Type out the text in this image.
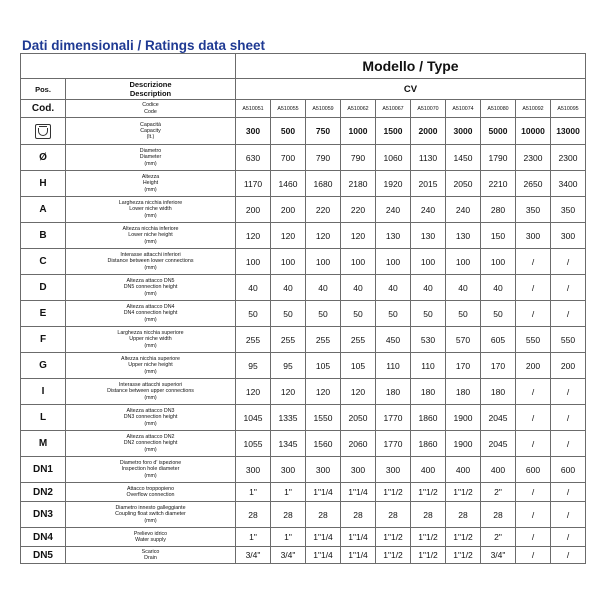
Dati dimensionali / Ratings data sheet
		Modello / Type									
Pos.	Descrizione
Description	CV									
Cod.	Codice
Code	A510051	A510055	A510059	A510062	A510067	A510070	A510074	A510080	A510092	A510095

	Capacità
Capacity
(lt.)	300	500	750	1000	1500	2000	3000	5000	10000	13000
Ø	Diametro
Diameter
(mm)	630	700	790	790	1060	1130	1450	1790	2300	2300
H	Altezza
Height
(mm)	1170	1460	1680	2180	1920	2015	2050	2210	2650	3400
A	Larghezza nicchia inferiore
Lower niche width
(mm)	200	200	220	220	240	240	240	280	350	350
B	Altezza nicchia inferiore
Lower niche height
(mm)	120	120	120	120	130	130	130	150	300	300
C	Interasse attacchi inferiori
Distance between lower connections
(mm)	100	100	100	100	100	100	100	100	/	/
D	Altezza attacco DN5
DN5 connection height
(mm)	40	40	40	40	40	40	40	40	/	/
E	Altezza attacco DN4
DN4 connection height
(mm)	50	50	50	50	50	50	50	50	/	/
F	Larghezza nicchia superiore
Upper niche width
(mm)	255	255	255	255	450	530	570	605	550	550
G	Altezza nicchia superiore
Upper niche height
(mm)	95	95	105	105	110	110	170	170	200	200
I	Interasse attacchi superiori
Distance between upper connections
(mm)	120	120	120	120	180	180	180	180	/	/
L	Altezza attacco DN3
DN3 connection height
(mm)	1045	1335	1550	2050	1770	1860	1900	2045	/	/
M	Altezza attacco DN2
DN2 connection height
(mm)	1055	1345	1560	2060	1770	1860	1900	2045	/	/
DN1	Diametro foro d' ispezione
Inspection hole diameter
(mm)	300	300	300	300	300	400	400	400	600	600
DN2	Attacco troppopieno
Overflow connection	1"	1"	1"1/4	1"1/4	1"1/2	1"1/2	1"1/2	2"	/	/
DN3	Diametro innesto galleggiante
Coupling float switch diameter
(mm)	28	28	28	28	28	28	28	28	/	/
DN4	Prelievo idrico
Water supply	1"	1"	1"1/4	1"1/4	1"1/2	1"1/2	1"1/2	2"	/	/
DN5	Scarico
Drain	3/4"	3/4"	1"1/4	1"1/4	1"1/2	1"1/2	1"1/2	3/4"	/	/
